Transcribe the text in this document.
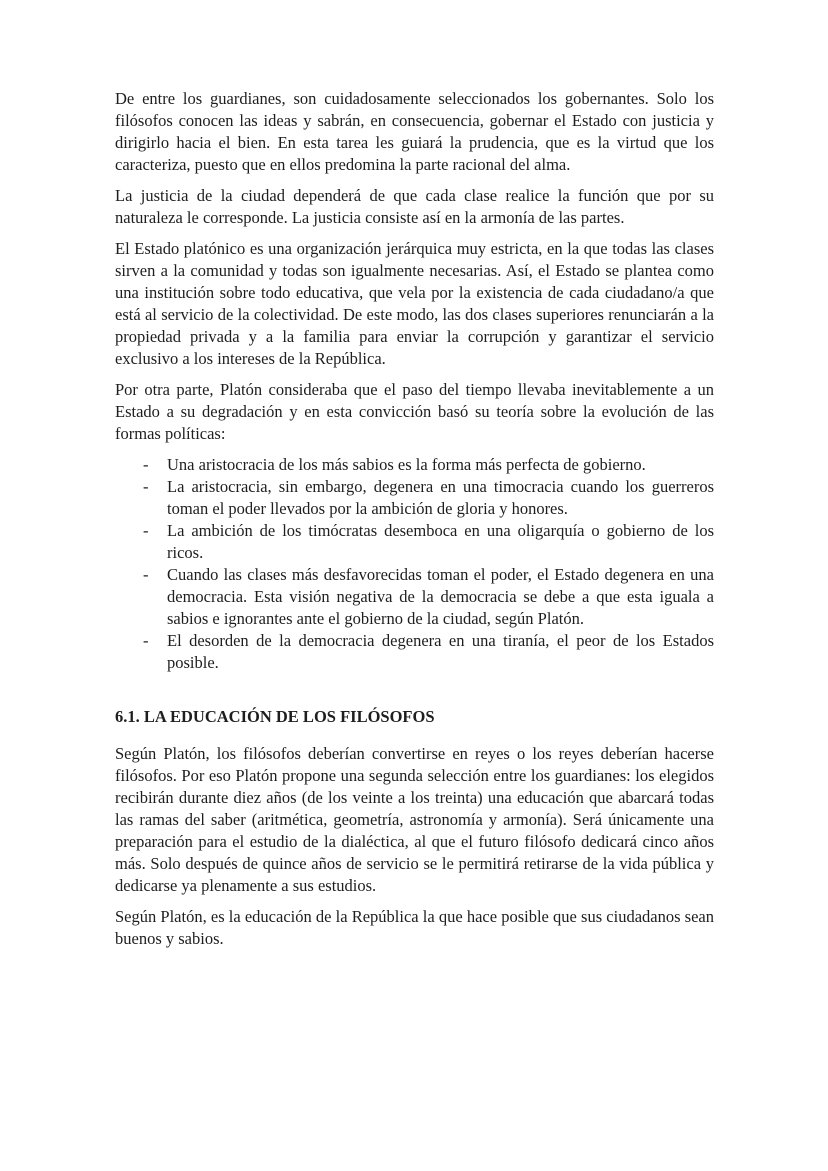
De entre los guardianes, son cuidadosamente seleccionados los gobernantes. Solo los filósofos conocen las ideas y sabrán, en consecuencia, gobernar el Estado con justicia y dirigirlo hacia el bien. En esta tarea les guiará la prudencia, que es la virtud que los caracteriza, puesto que en ellos predomina la parte racional del alma.

La justicia de la ciudad dependerá de que cada clase realice la función que por su naturaleza le corresponde. La justicia consiste así en la armonía de las partes.

El Estado platónico es una organización jerárquica muy estricta, en la que todas las clases sirven a la comunidad y todas son igualmente necesarias. Así, el Estado se plantea como una institución sobre todo educativa, que vela por la existencia de cada ciudadano/a que está al servicio de la colectividad. De este modo, las dos clases superiores renunciarán a la propiedad privada y a la familia para enviar la corrupción y garantizar el servicio exclusivo a los intereses de la República.

Por otra parte, Platón consideraba que el paso del tiempo llevaba inevitablemente a un Estado a su degradación y en esta convicción basó su teoría sobre la evolución de las formas políticas:

-	Una aristocracia de los más sabios es la forma más perfecta de gobierno.
-	La aristocracia, sin embargo, degenera en una timocracia cuando los guerreros toman el poder llevados por la ambición de gloria y honores.
-	La ambición de los timócratas desemboca en una oligarquía o gobierno de los ricos.
-	Cuando las clases más desfavorecidas toman el poder, el Estado degenera en una democracia. Esta visión negativa de la democracia se debe a que esta iguala a sabios e ignorantes ante el gobierno de la ciudad, según Platón.
-	El desorden de la democracia degenera en una tiranía, el peor de los Estados posible.
6.1. LA EDUCACIÓN DE LOS FILÓSOFOS

Según Platón, los filósofos deberían convertirse en reyes o los reyes deberían hacerse filósofos. Por eso Platón propone una segunda selección entre los guardianes: los elegidos recibirán durante diez años (de los veinte a los treinta) una educación que abarcará todas las ramas del saber (aritmética, geometría, astronomía y armonía). Será únicamente una preparación para el estudio de la dialéctica, al que el futuro filósofo dedicará cinco años más. Solo después de quince años de servicio se le permitirá retirarse de la vida pública y dedicarse ya plenamente a sus estudios.

Según Platón, es la educación de la República la que hace posible que sus ciudadanos sean buenos y sabios.
